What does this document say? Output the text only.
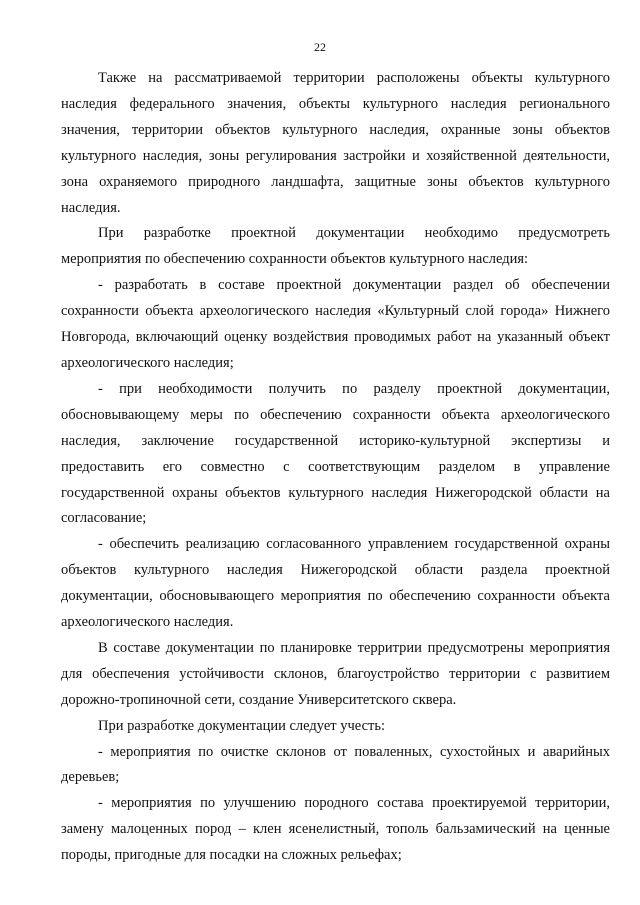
22

Также на рассматриваемой территории расположены объекты культурного наследия федерального значения, объекты культурного наследия регионального значения, территории объектов культурного наследия, охранные зоны объектов культурного наследия, зоны регулирования застройки и хозяйственной деятельности, зона охраняемого природного ландшафта, защитные зоны объектов культурного наследия.

При разработке проектной документации необходимо предусмотреть мероприятия по обеспечению сохранности объектов культурного наследия:

- разработать в составе проектной документации раздел об обеспечении сохранности объекта археологического наследия «Культурный слой города» Нижнего Новгорода, включающий оценку воздействия проводимых работ на указанный объект археологического наследия;

- при необходимости получить по разделу проектной документации, обосновывающему меры по обеспечению сохранности объекта археологического наследия, заключение государственной историко-культурной экспертизы и предоставить его совместно с соответствующим разделом в управление государственной охраны объектов культурного наследия Нижегородской области на согласование;

- обеспечить реализацию согласованного управлением государственной охраны объектов культурного наследия Нижегородской области раздела проектной документации, обосновывающего мероприятия по обеспечению сохранности объекта археологического наследия.

В составе документации по планировке территрии предусмотрены мероприятия для обеспечения устойчивости склонов, благоустройство территории с развитием дорожно-тропиночной сети, создание Университетского сквера.

При разработке документации следует учесть:

- мероприятия по очистке склонов от поваленных, сухостойных и аварийных деревьев;

- мероприятия по улучшению породного состава проектируемой территории, замену малоценных пород – клен ясенелистный, тополь бальзамический на ценные породы, пригодные для посадки на сложных рельефах;
